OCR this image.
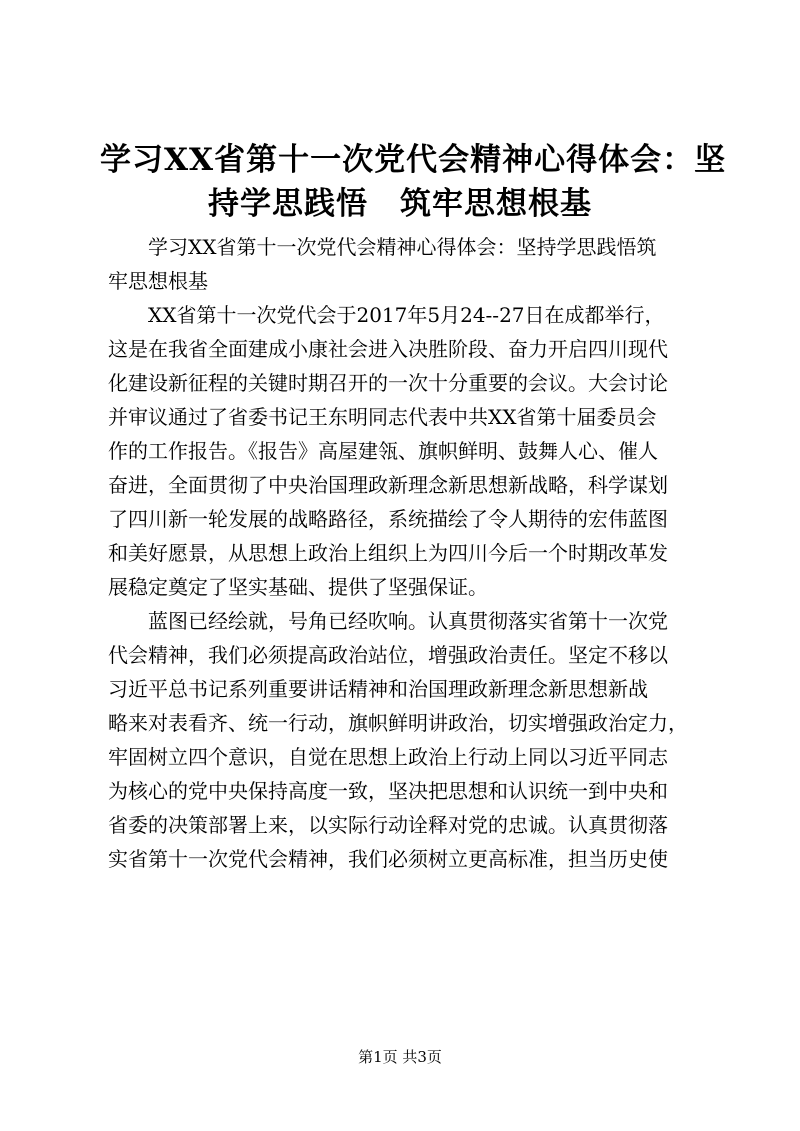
学习XX省第十一次党代会精神心得体会：坚
持学思践悟　筑牢思想根基

　　学习XX省第十一次党代会精神心得体会：坚持学思践悟筑
牢思想根基

　　XX省第十一次党代会于2017年5月24--27日在成都举行，
这是在我省全面建成小康社会进入决胜阶段、奋力开启四川现代
化建设新征程的关键时期召开的一次十分重要的会议。大会讨论
并审议通过了省委书记王东明同志代表中共XX省第十届委员会
作的工作报告。《报告》高屋建瓴、旗帜鲜明、鼓舞人心、催人
奋进，全面贯彻了中央治国理政新理念新思想新战略，科学谋划
了四川新一轮发展的战略路径，系统描绘了令人期待的宏伟蓝图
和美好愿景，从思想上政治上组织上为四川今后一个时期改革发
展稳定奠定了坚实基础、提供了坚强保证。

　　蓝图已经绘就，号角已经吹响。认真贯彻落实省第十一次党
代会精神，我们必须提高政治站位，增强政治责任。坚定不移以
习近平总书记系列重要讲话精神和治国理政新理念新思想新战
略来对表看齐、统一行动，旗帜鲜明讲政治，切实增强政治定力，
牢固树立四个意识，自觉在思想上政治上行动上同以习近平同志
为核心的党中央保持高度一致，坚决把思想和认识统一到中央和
省委的决策部署上来，以实际行动诠释对党的忠诚。认真贯彻落
实省第十一次党代会精神，我们必须树立更高标准，担当历史使

第1页 共3页
